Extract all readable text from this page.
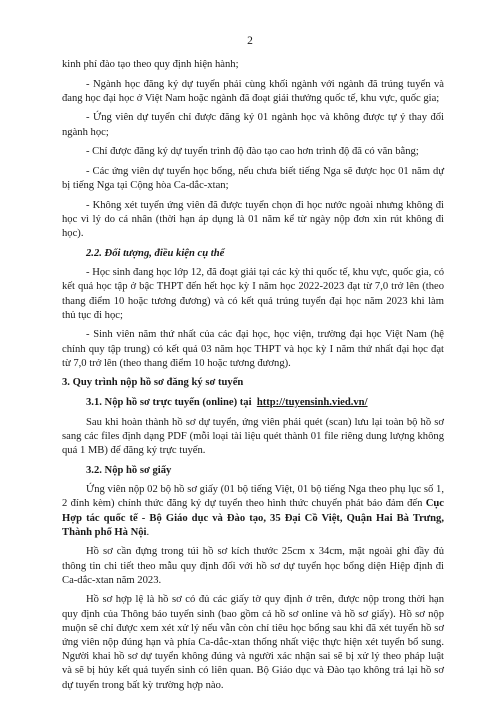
2

kinh phí đào tạo theo quy định hiện hành;

- Ngành học đăng ký dự tuyển phải cùng khối ngành với ngành đã trúng tuyển và đang học đại học ở Việt Nam hoặc ngành đã đoạt giải thưởng quốc tế, khu vực, quốc gia;

- Ứng viên dự tuyển chỉ được đăng ký 01 ngành học và không được tự ý thay đổi ngành học;

- Chỉ được đăng ký dự tuyển trình độ đào tạo cao hơn trình độ đã có văn bằng;

- Các ứng viên dự tuyển học bổng, nếu chưa biết tiếng Nga sẽ được học 01 năm dự bị tiếng Nga tại Cộng hòa Ca-dắc-xtan;

- Không xét tuyển ứng viên đã được tuyển chọn đi học nước ngoài nhưng không đi học vì lý do cá nhân (thời hạn áp dụng là 01 năm kể từ ngày nộp đơn xin rút không đi học).

2.2. Đối tượng, điều kiện cụ thể

- Học sinh đang học lớp 12, đã đoạt giải tại các kỳ thi quốc tế, khu vực, quốc gia, có kết quả học tập ở bậc THPT đến hết học kỳ I năm học 2022-2023 đạt từ 7,0 trở lên (theo thang điểm 10 hoặc tương đương) và có kết quả trúng tuyển đại học năm 2023 khi làm thủ tục đi học;

- Sinh viên năm thứ nhất của các đại học, học viện, trường đại học Việt Nam (hệ chính quy tập trung) có kết quả 03 năm học THPT và học kỳ I năm thứ nhất đại học đạt từ 7,0 trở lên (theo thang điểm 10 hoặc tương đương).

3. Quy trình nộp hồ sơ đăng ký sơ tuyển

3.1. Nộp hồ sơ trực tuyến (online) tại http://tuyensinh.vied.vn/

Sau khi hoàn thành hồ sơ dự tuyển, ứng viên phải quét (scan) lưu lại toàn bộ hồ sơ sang các files định dạng PDF (mỗi loại tài liệu quét thành 01 file riêng dung lượng không quá 1 MB) để đăng ký trực tuyến.

3.2. Nộp hồ sơ giấy

Ứng viên nộp 02 bộ hồ sơ giấy (01 bộ tiếng Việt, 01 bộ tiếng Nga theo phụ lục số 1, 2 đính kèm) chính thức đăng ký dự tuyển theo hình thức chuyển phát bảo đảm đến Cục Hợp tác quốc tế - Bộ Giáo dục và Đào tạo, 35 Đại Cồ Việt, Quận Hai Bà Trưng, Thành phố Hà Nội.

Hồ sơ cần đựng trong túi hồ sơ kích thước 25cm x 34cm, mặt ngoài ghi đầy đủ thông tin chi tiết theo mẫu quy định đối với hồ sơ dự tuyển học bổng diện Hiệp định đi Ca-dắc-xtan năm 2023.

Hồ sơ hợp lệ là hồ sơ có đủ các giấy tờ quy định ở trên, được nộp trong thời hạn quy định của Thông báo tuyển sinh (bao gồm cả hồ sơ online và hồ sơ giấy). Hồ sơ nộp muộn sẽ chỉ được xem xét xử lý nếu vẫn còn chỉ tiêu học bổng sau khi đã xét tuyển hồ sơ ứng viên nộp đúng hạn và phía Ca-dắc-xtan thống nhất việc thực hiện xét tuyển bổ sung. Người khai hồ sơ dự tuyển không đúng và người xác nhận sai sẽ bị xử lý theo pháp luật và sẽ bị hủy kết quả tuyển sinh có liên quan. Bộ Giáo dục và Đào tạo không trả lại hồ sơ dự tuyển trong bất kỳ trường hợp nào.
